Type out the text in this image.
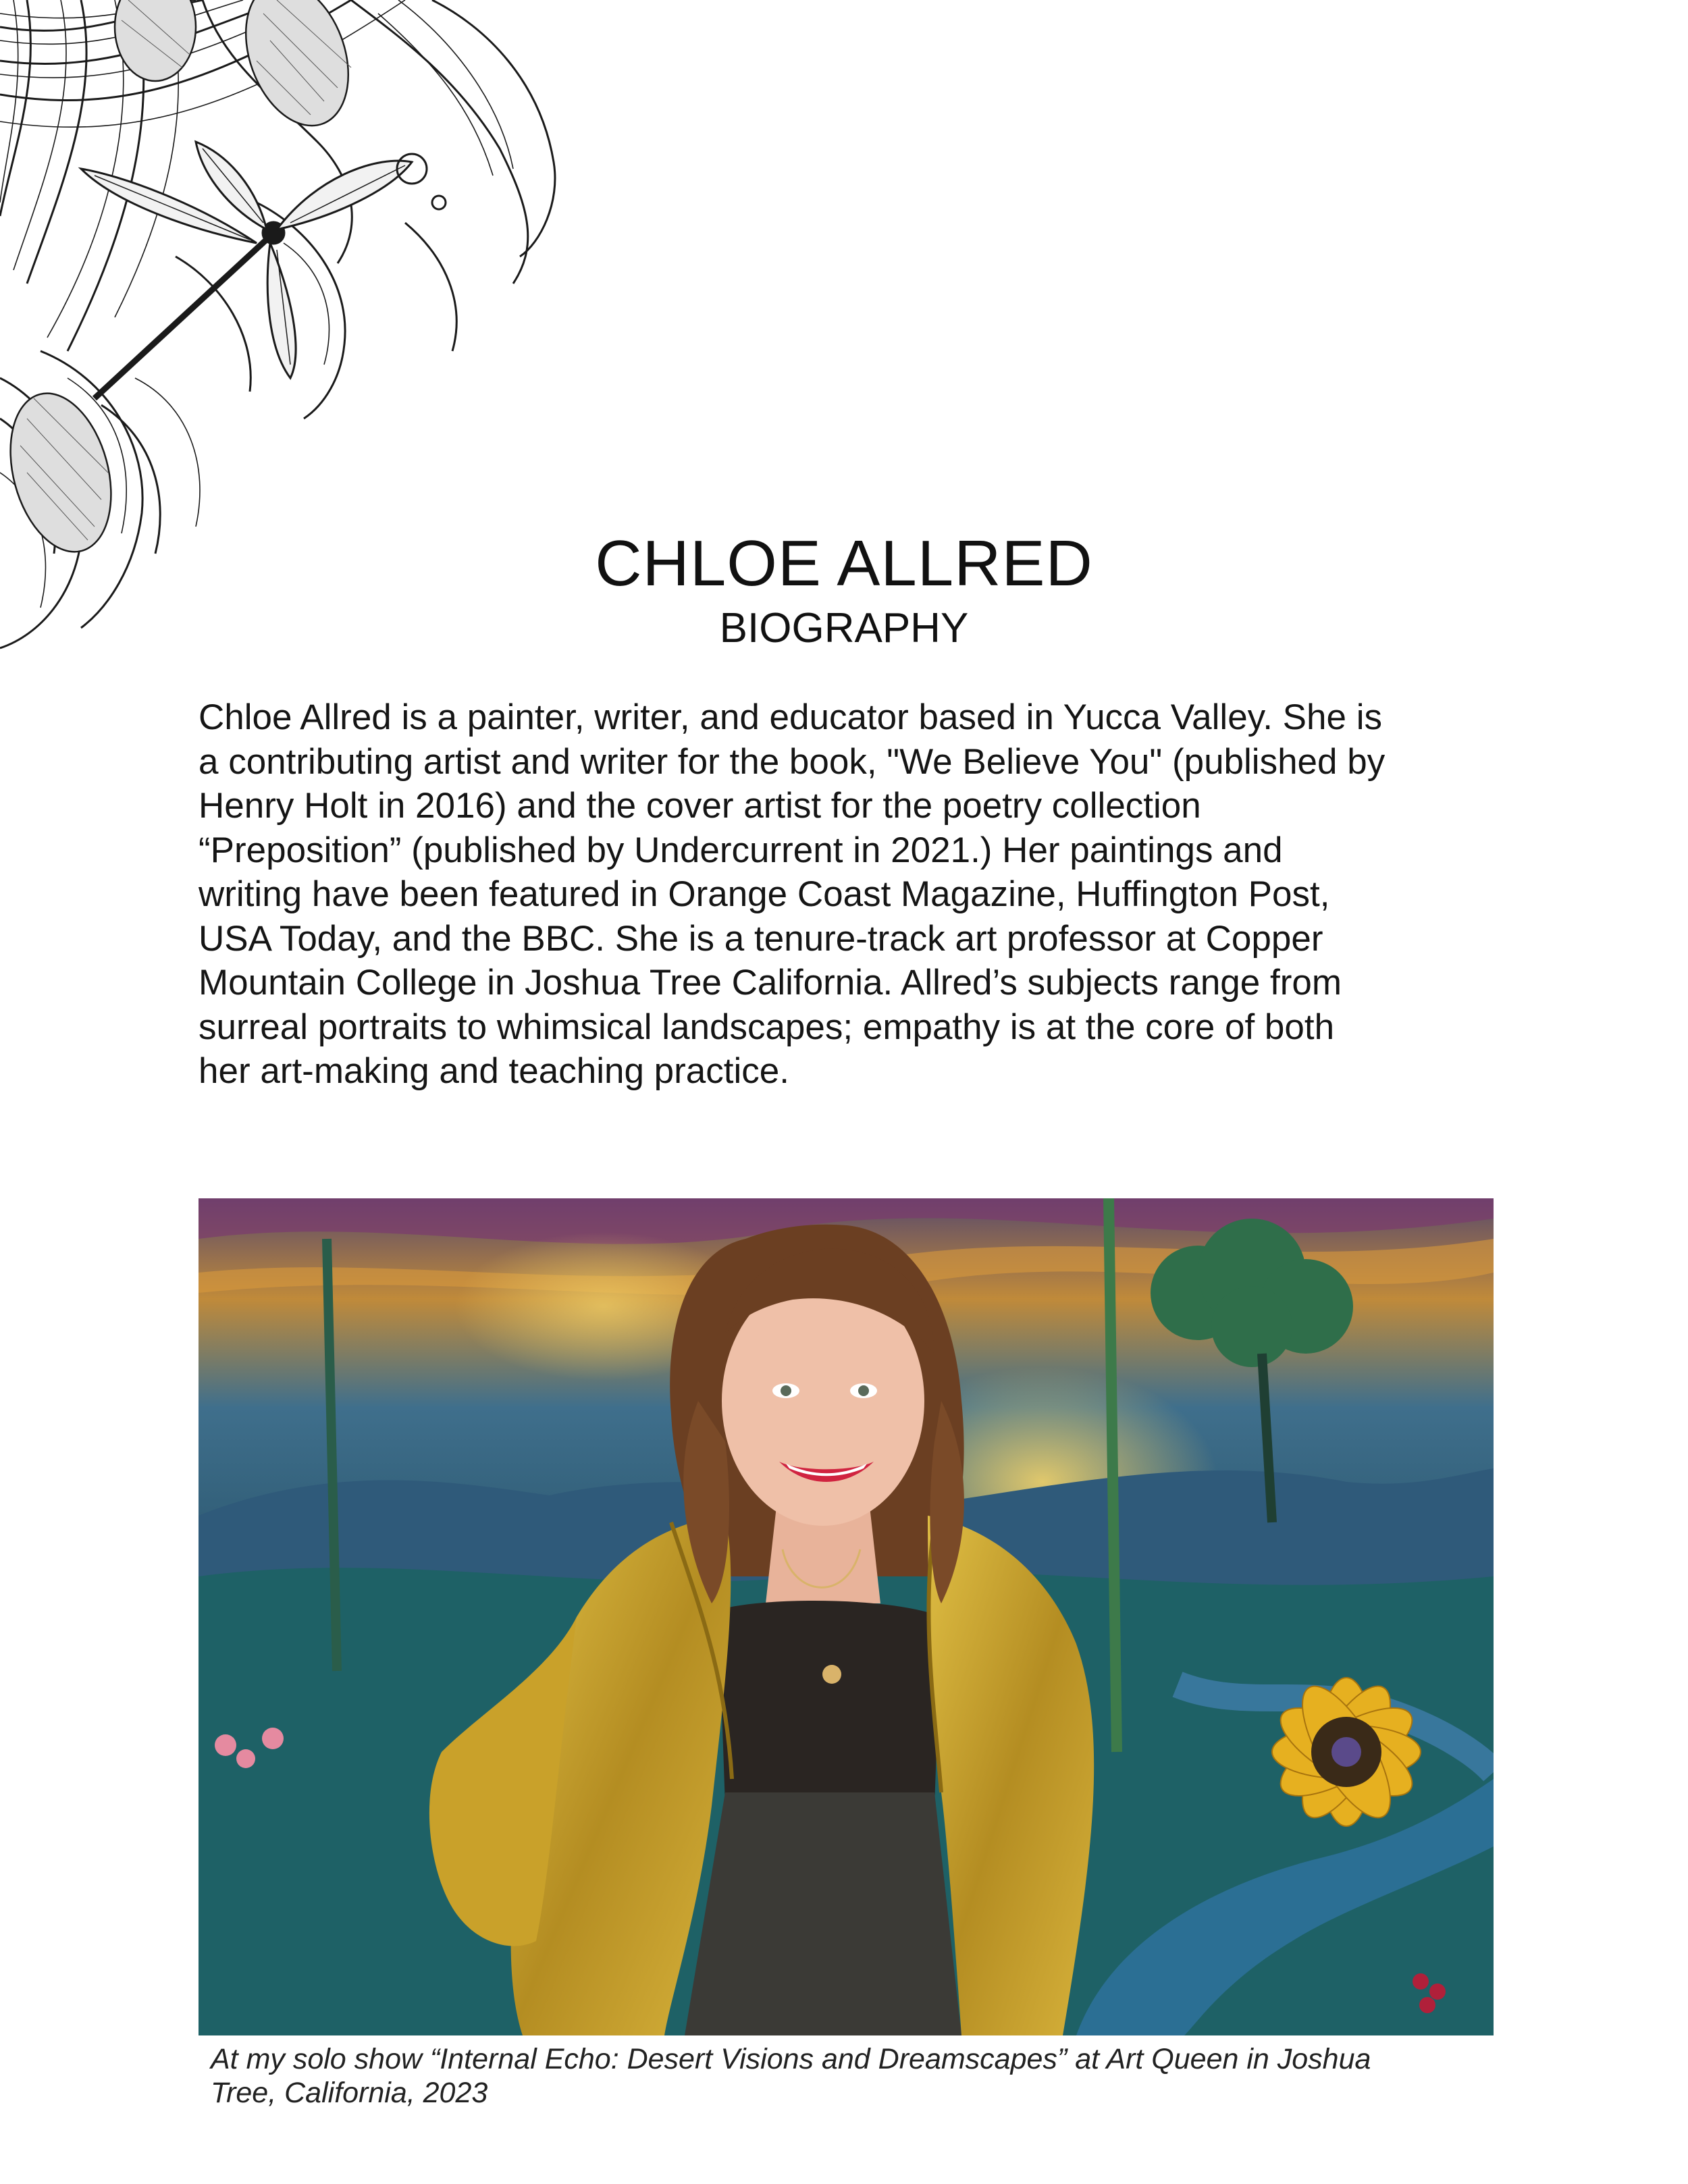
CHLOE ALLRED
BIOGRAPHY
Chloe Allred is a painter, writer, and educator based in Yucca Valley. She is
a contributing artist and writer for the book, "We Believe You" (published by
Henry Holt in 2016) and the cover artist for the poetry collection
“Preposition” (published by Undercurrent in 2021.) Her paintings and
writing have been featured in Orange Coast Magazine, Huffington Post,
USA Today, and the BBC. She is a tenure-track art professor at Copper
Mountain College in Joshua Tree California. Allred’s subjects range from
surreal portraits to whimsical landscapes; empathy is at the core of both
her art-making and teaching practice.
At my solo show “Internal Echo: Desert Visions and Dreamscapes” at Art Queen in Joshua
Tree, California, 2023
